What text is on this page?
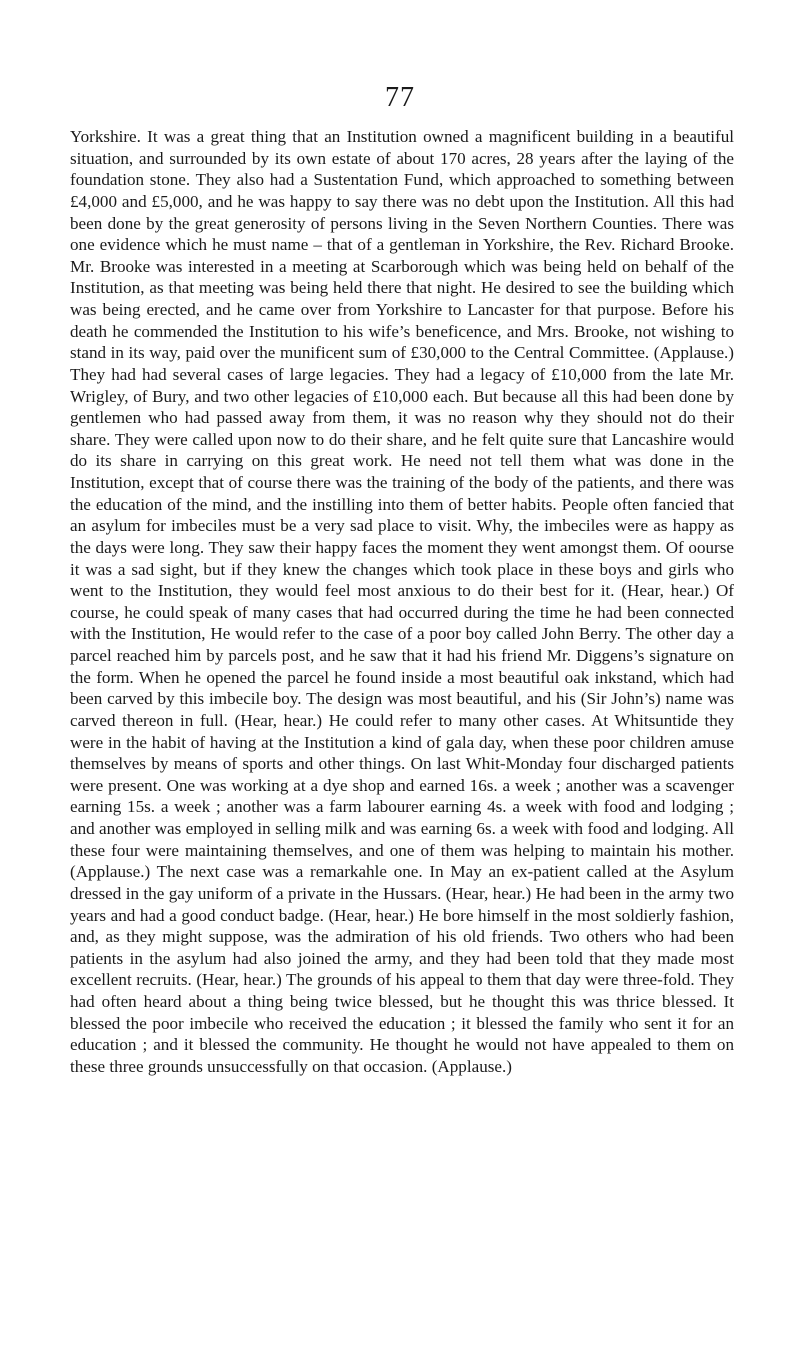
77

Yorkshire. It was a great thing that an Institution owned a magnificent building in a beautiful situation, and surrounded by its own estate of about 170 acres, 28 years after the laying of the foundation stone. They also had a Sustentation Fund, which approached to something between £4,000 and £5,000, and he was happy to say there was no debt upon the Institution. All this had been done by the great generosity of persons living in the Seven Northern Counties. There was one evidence which he must name – that of a gentleman in Yorkshire, the Rev. Richard Brooke. Mr. Brooke was interested in a meeting at Scarborough which was being held on behalf of the Institution, as that meeting was being held there that night. He desired to see the building which was being erected, and he came over from Yorkshire to Lancaster for that purpose. Before his death he commended the Institution to his wife’s beneficence, and Mrs. Brooke, not wishing to stand in its way, paid over the munificent sum of £30,000 to the Central Committee. (Applause.) They had had several cases of large legacies. They had a legacy of £10,000 from the late Mr. Wrigley, of Bury, and two other legacies of £10,000 each. But because all this had been done by gentlemen who had passed away from them, it was no reason why they should not do their share. They were called upon now to do their share, and he felt quite sure that Lancashire would do its share in carrying on this great work. He need not tell them what was done in the Institution, except that of course there was the training of the body of the patients, and there was the education of the mind, and the instilling into them of better habits. People often fancied that an asylum for imbeciles must be a very sad place to visit. Why, the imbeciles were as happy as the days were long. They saw their happy faces the moment they went amongst them. Of oourse it was a sad sight, but if they knew the changes which took place in these boys and girls who went to the Institution, they would feel most anxious to do their best for it. (Hear, hear.) Of course, he could speak of many cases that had occurred during the time he had been connected with the Institution, He would refer to the case of a poor boy called John Berry. The other day a parcel reached him by parcels post, and he saw that it had his friend Mr. Diggens’s signature on the form. When he opened the parcel he found inside a most beautiful oak inkstand, which had been carved by this imbecile boy. The design was most beautiful, and his (Sir John’s) name was carved thereon in full. (Hear, hear.) He could refer to many other cases. At Whitsuntide they were in the habit of having at the Institution a kind of gala day, when these poor children amuse themselves by means of sports and other things. On last Whit-Monday four discharged patients were present. One was working at a dye shop and earned 16s. a week ; another was a scavenger earning 15s. a week ; another was a farm labourer earning 4s. a week with food and lodging ; and another was employed in selling milk and was earning 6s. a week with food and lodging. All these four were maintaining themselves, and one of them was helping to maintain his mother. (Applause.) The next case was a remarkahle one. In May an ex-patient called at the Asylum dressed in the gay uniform of a private in the Hussars. (Hear, hear.) He had been in the army two years and had a good conduct badge. (Hear, hear.) He bore himself in the most soldierly fashion, and, as they might suppose, was the admiration of his old friends. Two others who had been patients in the asylum had also joined the army, and they had been told that they made most excellent recruits. (Hear, hear.) The grounds of his appeal to them that day were three-fold. They had often heard about a thing being twice blessed, but he thought this was thrice blessed. It blessed the poor imbecile who received the education ; it blessed the family who sent it for an education ; and it blessed the community. He thought he would not have appealed to them on these three grounds unsuccessfully on that occasion. (Applause.)
